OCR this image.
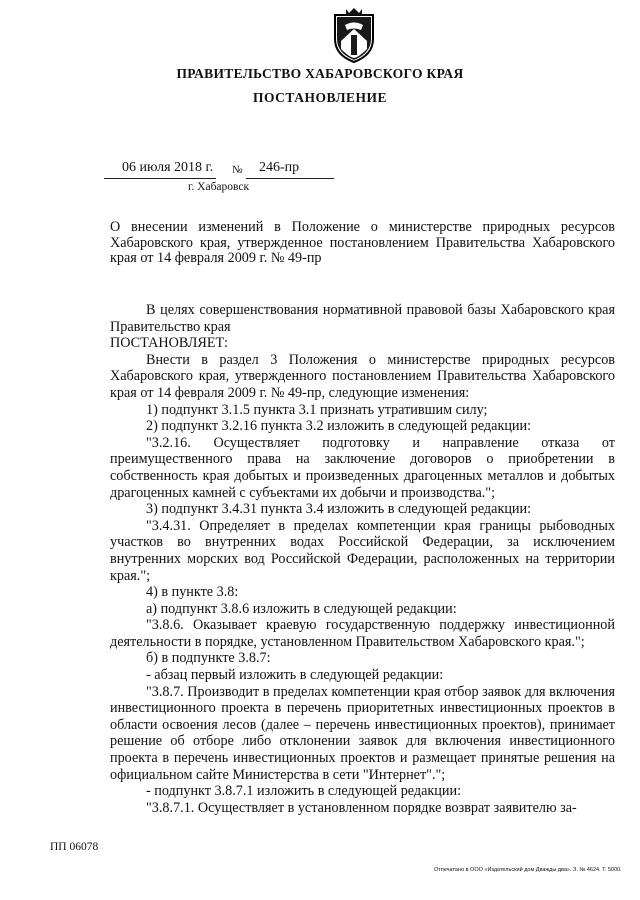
ПРАВИТЕЛЬСТВО ХАБАРОВСКОГО КРАЯ
ПОСТАНОВЛЕНИЕ
06 июля 2018 г. № 246-пр
г. Хабаровск
О внесении изменений в Положение о министерстве природных ресурсов Хабаровского края, утвержденное постановлением Правительства Хабаровского края от 14 февраля 2009 г. № 49-пр

В целях совершенствования нормативной правовой базы Хабаровского края Правительство края

ПОСТАНОВЛЯЕТ:

Внести в раздел 3 Положения о министерстве природных ресурсов Хабаровского края, утвержденного постановлением Правительства Хабаровского края от 14 февраля 2009 г. № 49-пр, следующие изменения:

1) подпункт 3.1.5 пункта 3.1 признать утратившим силу;

2) подпункт 3.2.16 пункта 3.2 изложить в следующей редакции:

"3.2.16. Осуществляет подготовку и направление отказа от преимущественного права на заключение договоров о приобретении в собственность края добытых и произведенных драгоценных металлов и добытых драгоценных камней с субъектами их добычи и производства.";

3) подпункт 3.4.31 пункта 3.4 изложить в следующей редакции:

"3.4.31. Определяет в пределах компетенции края границы рыбоводных участков во внутренних водах Российской Федерации, за исключением внутренних морских вод Российской Федерации, расположенных на территории края.";

4) в пункте 3.8:

а) подпункт 3.8.6 изложить в следующей редакции:

"3.8.6. Оказывает краевую государственную поддержку инвестиционной деятельности в порядке, установленном Правительством Хабаровского края.";

б) в подпункте 3.8.7:

- абзац первый изложить в следующей редакции:

"3.8.7. Производит в пределах компетенции края отбор заявок для включения инвестиционного проекта в перечень приоритетных инвестиционных проектов в области освоения лесов (далее – перечень инвестиционных проектов), принимает решение об отборе либо отклонении заявок для включения инвестиционного проекта в перечень инвестиционных проектов и размещает принятые решения на официальном сайте Министерства в сети "Интернет".";

- подпункт 3.8.7.1 изложить в следующей редакции:

"3.8.7.1. Осуществляет в установленном порядке возврат заявителю за-

ПП 06078
Отпечатано в ООО «Издательский дом Дважды два». З. № 4624. Т. 5000.
